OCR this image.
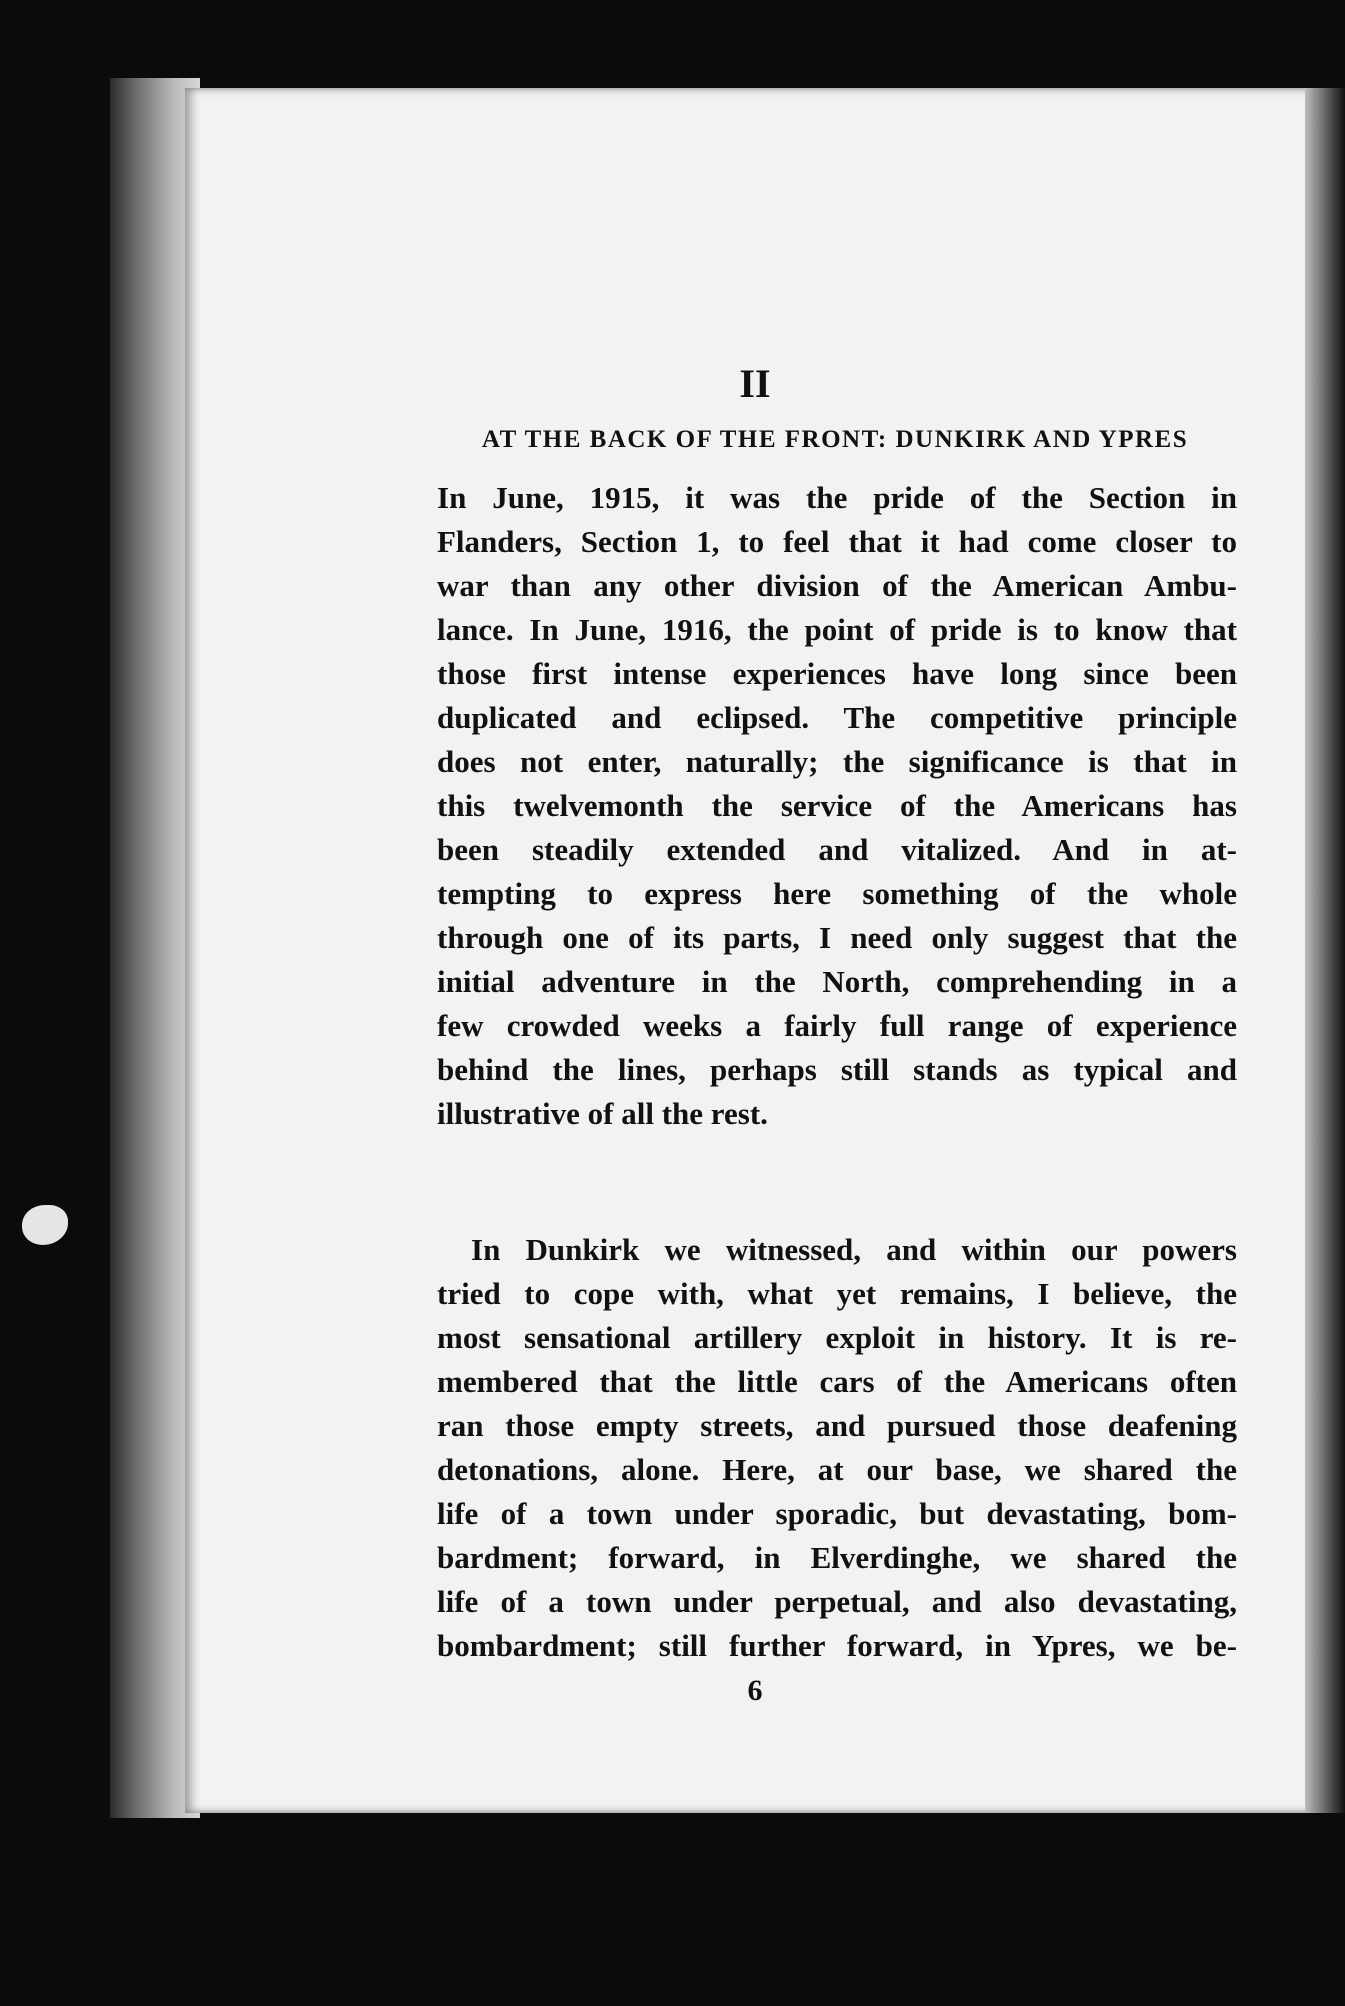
II
AT THE BACK OF THE FRONT: DUNKIRK AND YPRES
In June, 1915, it was the pride of the Section in
Flanders, Section 1, to feel that it had come closer to
war than any other division of the American Ambu-
lance. In June, 1916, the point of pride is to know that
those first intense experiences have long since been
duplicated and eclipsed. The competitive principle
does not enter, naturally; the significance is that in
this twelvemonth the service of the Americans has
been steadily extended and vitalized. And in at-
tempting to express here something of the whole
through one of its parts, I need only suggest that the
initial adventure in the North, comprehending in a
few crowded weeks a fairly full range of experience
behind the lines, perhaps still stands as typical and
illustrative of all the rest.
In Dunkirk we witnessed, and within our powers
tried to cope with, what yet remains, I believe, the
most sensational artillery exploit in history. It is re-
membered that the little cars of the Americans often
ran those empty streets, and pursued those deafening
detonations, alone. Here, at our base, we shared the
life of a town under sporadic, but devastating, bom-
bardment; forward, in Elverdinghe, we shared the
life of a town under perpetual, and also devastating,
bombardment; still further forward, in Ypres, we be-
6
